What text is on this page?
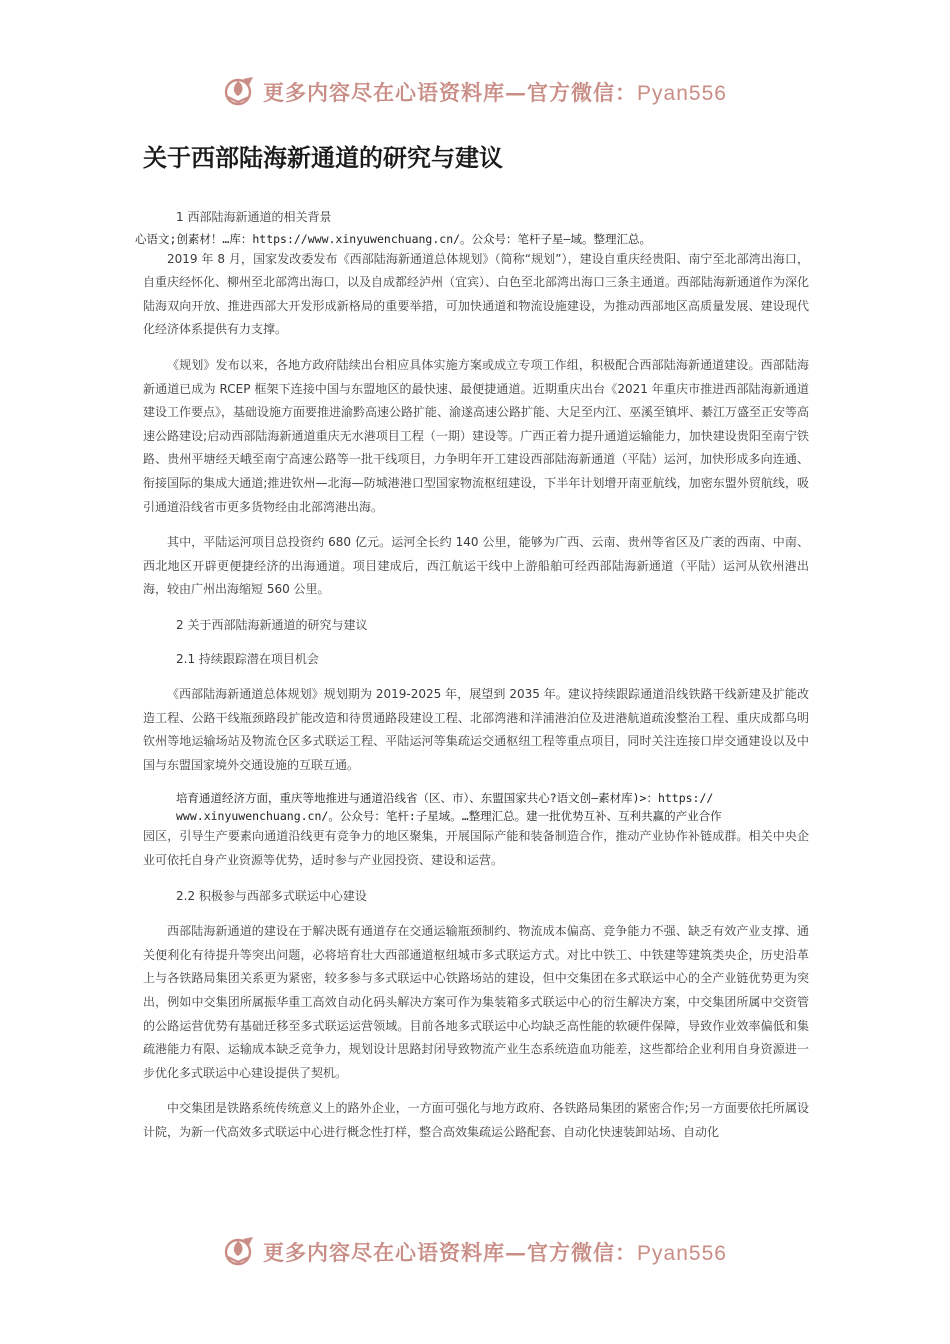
更多内容尽在心语资料库—官方微信：Pyan556
关于西部陆海新通道的研究与建议

1 西部陆海新通道的相关背景

心语文;创素材！…库：https://www.xinyuwenchuang.cn/。公众号：笔杆子星—域。整理汇总。

2019 年 8 月，国家发改委发布《西部陆海新通道总体规划》（简称“规划”），建设自重庆经贵阳、南宁至北部湾出海口，自重庆经怀化、柳州至北部湾出海口，以及自成都经泸州（宜宾）、白色至北部湾出海口三条主通道。西部陆海新通道作为深化陆海双向开放、推进西部大开发形成新格局的重要举措，可加快通道和物流设施建设，为推动西部地区高质量发展、建设现代化经济体系提供有力支撑。

《规划》发布以来，各地方政府陆续出台相应具体实施方案或成立专项工作组，积极配合西部陆海新通道建设。西部陆海新通道已成为 RCEP 框架下连接中国与东盟地区的最快速、最便捷通道。近期重庆出台《2021 年重庆市推进西部陆海新通道建设工作要点》，基础设施方面要推进渝黔高速公路扩能、渝遂高速公路扩能、大足至内江、巫溪至镇坪、綦江万盛至正安等高速公路建设;启动西部陆海新通道重庆无水港项目工程（一期）建设等。广西正着力提升通道运输能力，加快建设贵阳至南宁铁路、贵州平塘经天峨至南宁高速公路等一批干线项目，力争明年开工建设西部陆海新通道（平陆）运河，加快形成多向连通、衔接国际的集成大通道;推进钦州—北海—防城港港口型国家物流枢纽建设，下半年计划增开南亚航线，加密东盟外贸航线，吸引通道沿线省市更多货物经由北部湾港出海。

其中，平陆运河项目总投资约 680 亿元。运河全长约 140 公里，能够为广西、云南、贵州等省区及广袤的西南、中南、西北地区开辟更便捷经济的出海通道。项目建成后，西江航运干线中上游船舶可经西部陆海新通道（平陆）运河从钦州港出海，较由广州出海缩短 560 公里。

2 关于西部陆海新通道的研究与建议

2.1 持续跟踪潜在项目机会

《西部陆海新通道总体规划》规划期为 2019-2025 年，展望到 2035 年。建议持续跟踪通道沿线铁路干线新建及扩能改造工程、公路干线瓶颈路段扩能改造和待贯通路段建设工程、北部湾港和洋浦港泊位及进港航道疏浚整治工程、重庆成都乌明钦州等地运输场站及物流仓区多式联运工程、平陆运河等集疏运交通枢纽工程等重点项目，同时关注连接口岸交通建设以及中国与东盟国家境外交通设施的互联互通。

培育通道经济方面，重庆等地推进与通道沿线省（区、市）、东盟国家共心?语文创—素材库)>：https://

www.xinyuwenchuang.cn/。公众号：笔杆:子星域。…整理汇总。建一批优势互补、互利共赢的产业合作

园区，引导生产要素向通道沿线更有竞争力的地区聚集，开展国际产能和装备制造合作，推动产业协作补链成群。相关中央企业可依托自身产业资源等优势，适时参与产业园投资、建设和运营。

2.2 积极参与西部多式联运中心建设

西部陆海新通道的建设在于解决既有通道存在交通运输瓶颈制约、物流成本偏高、竞争能力不强、缺乏有效产业支撑、通关便利化有待提升等突出问题，必将培育壮大西部通道枢纽城市多式联运方式。对比中铁工、中铁建等建筑类央企，历史沿革上与各铁路局集团关系更为紧密，较多参与多式联运中心铁路场站的建设，但中交集团在多式联运中心的全产业链优势更为突出，例如中交集团所属振华重工高效自动化码头解决方案可作为集装箱多式联运中心的衍生解决方案，中交集团所属中交资管的公路运营优势有基础迁移至多式联运运营领域。目前各地多式联运中心均缺乏高性能的软硬件保障，导致作业效率偏低和集疏港能力有限、运输成本缺乏竞争力，规划设计思路封闭导致物流产业生态系统造血功能差，这些都给企业利用自身资源进一步优化多式联运中心建设提供了契机。

中交集团是铁路系统传统意义上的路外企业，一方面可强化与地方政府、各铁路局集团的紧密合作;另一方面要依托所属设计院，为新一代高效多式联运中心进行概念性打样，整合高效集疏运公路配套、自动化快速装卸站场、自动化

更多内容尽在心语资料库—官方微信：Pyan556
